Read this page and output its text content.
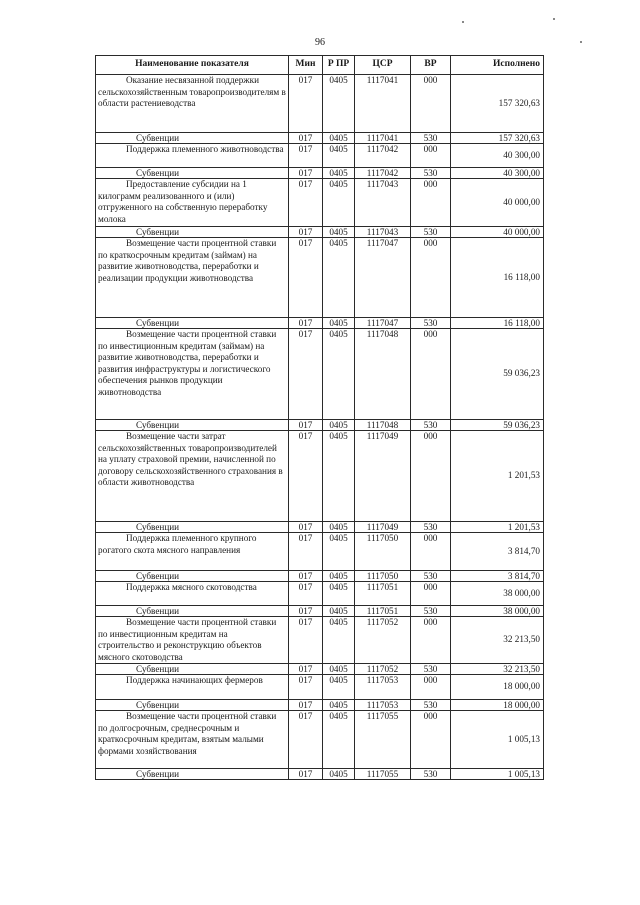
96
Наименование показателя	Мин	Р ПР	ЦСР	ВР	Исполнено
Оказание несвязанной поддержки сельскохозяйственным товаропроизводителям в области растениеводства	017	0405	1117041	000	157 320,63
Субвенции	017	0405	1117041	530	157 320,63
Поддержка племенного животноводства	017	0405	1117042	000	40 300,00
Субвенции	017	0405	1117042	530	40 300,00
Предоставление субсидии на 1 килограмм реализованного и (или) отгруженного на собственную переработку молока	017	0405	1117043	000	40 000,00
Субвенции	017	0405	1117043	530	40 000,00
Возмещение части процентной ставки по краткосрочным кредитам (займам) на развитие животноводства, переработки и реализации продукции животноводства	017	0405	1117047	000	16 118,00
Субвенции	017	0405	1117047	530	16 118,00
Возмещение части процентной ставки по инвестиционным кредитам (займам) на развитие животноводства, переработки и развития инфраструктуры и логистического обеспечения рынков продукции животноводства	017	0405	1117048	000	59 036,23
Субвенции	017	0405	1117048	530	59 036,23
Возмещение части затрат сельскохозяйственных товаропроизводителей на уплату страховой премии, начисленной по договору сельскохозяйственного страхования в области животноводства	017	0405	1117049	000	1 201,53
Субвенции	017	0405	1117049	530	1 201,53
Поддержка племенного крупного рогатого скота мясного направления	017	0405	1117050	000	3 814,70
Субвенции	017	0405	1117050	530	3 814,70
Поддержка мясного скотоводства	017	0405	1117051	000	38 000,00
Субвенции	017	0405	1117051	530	38 000,00
Возмещение части процентной ставки по инвестиционным кредитам на строительство и реконструкцию объектов мясного скотоводства	017	0405	1117052	000	32 213,50
Субвенции	017	0405	1117052	530	32 213,50
Поддержка начинающих фермеров	017	0405	1117053	000	18 000,00
Субвенции	017	0405	1117053	530	18 000,00
Возмещение части процентной ставки по долгосрочным, среднесрочным и краткосрочным кредитам, взятым малыми формами хозяйствования	017	0405	1117055	000	1 005,13
Субвенции	017	0405	1117055	530	1 005,13
